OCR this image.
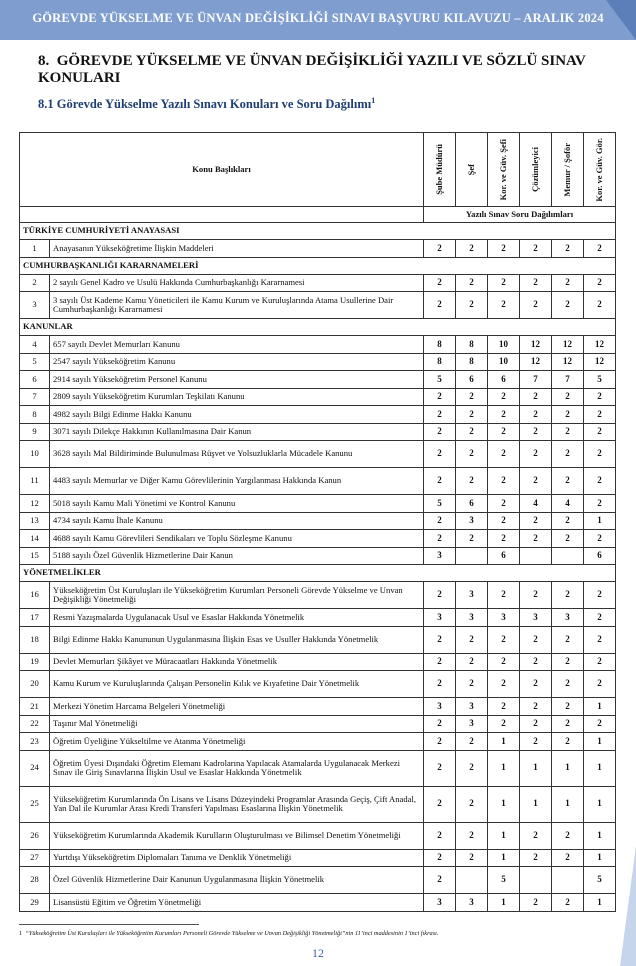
GÖREVDE YÜKSELME VE ÜNVAN DEĞİŞİKLİĞİ SINAVI BAŞVURU KILAVUZU – ARALIK 2024
8. GÖREVDE YÜKSELME VE ÜNVAN DEĞİŞİKLİĞİ YAZILI VE SÖZLÜ SINAV KONULARI
8.1 Görevde Yükselme Yazılı Sınavı Konuları ve Soru Dağılımı$^1$
Konu Başlıkları		Şube Müdürü	Şef	Kor. ve Güv. Şefi	Çözümleyici	Memur / Şoför	Kor. ve Güv. Gör.

		Yazılı Sınav Soru Dağılımları					
TÜRKİYE CUMHURİYETİ ANAYASASI							
1	Anayasanın Yükseköğretime İlişkin Maddeleri	2	2	2	2	2	2
CUMHURBAŞKANLIĞI KARARNAMELERİ							
2	2 sayılı Genel Kadro ve Usulü Hakkında Cumhurbaşkanlığı Kararnamesi	2	2	2	2	2	2
3	3 sayılı Üst Kademe Kamu Yöneticileri ile Kamu Kurum ve Kuruluşlarında Atama Usullerine Dair Cumhurbaşkanlığı Kararnamesi	2	2	2	2	2	2
KANUNLAR							
4	657 sayılı Devlet Memurları Kanunu	8	8	10	12	12	12
5	2547 sayılı Yükseköğretim Kanunu	8	8	10	12	12	12
6	2914 sayılı Yükseköğretim Personel Kanunu	5	6	6	7	7	5
7	2809 sayılı Yükseköğretim Kurumları Teşkilatı Kanunu	2	2	2	2	2	2
8	4982 sayılı Bilgi Edinme Hakkı Kanunu	2	2	2	2	2	2
9	3071 sayılı Dilekçe Hakkının Kullanılmasına Dair Kanun	2	2	2	2	2	2
10	3628 sayılı Mal Bildiriminde Bulunulması Rüşvet ve Yolsuzluklarla Mücadele Kanunu	2	2	2	2	2	2
11	4483 sayılı Memurlar ve Diğer Kamu Görevlilerinin Yargılanması Hakkında Kanun	2	2	2	2	2	2
12	5018 sayılı Kamu Mali Yönetimi ve Kontrol Kanunu	5	6	2	4	4	2
13	4734 sayılı Kamu İhale Kanunu	2	3	2	2	2	1
14	4688 sayılı Kamu Görevlileri Sendikaları ve Toplu Sözleşme Kanunu	2	2	2	2	2	2
15	5188 sayılı Özel Güvenlik Hizmetlerine Dair Kanun	3		6			6
YÖNETMELİKLER							
16	Yükseköğretim Üst Kuruluşları ile Yükseköğretim Kurumları Personeli Görevde Yükselme ve Unvan Değişikliği Yönetmeliği	2	3	2	2	2	2
17	Resmi Yazışmalarda Uygulanacak Usul ve Esaslar Hakkında Yönetmelik	3	3	3	3	3	2
18	Bilgi Edinme Hakkı Kanununun Uygulanmasına İlişkin Esas ve Usuller Hakkında Yönetmelik	2	2	2	2	2	2
19	Devlet Memurları Şikâyet ve Müracaatları Hakkında Yönetmelik	2	2	2	2	2	2
20	Kamu Kurum ve Kuruluşlarında Çalışan Personelin Kılık ve Kıyafetine Dair Yönetmelik	2	2	2	2	2	2
21	Merkezi Yönetim Harcama Belgeleri Yönetmeliği	3	3	2	2	2	1
22	Taşınır Mal Yönetmeliği	2	3	2	2	2	2
23	Öğretim Üyeliğine Yükseltilme ve Atanma Yönetmeliği	2	2	1	2	2	1
24	Öğretim Üyesi Dışındaki Öğretim Elemanı Kadrolarına Yapılacak Atamalarda Uygulanacak Merkezi Sınav ile Giriş Sınavlarına İlişkin Usul ve Esaslar Hakkında Yönetmelik	2	2	1	1	1	1
25	Yükseköğretim Kurumlarında Ön Lisans ve Lisans Düzeyindeki Programlar Arasında Geçiş, Çift Anadal, Yan Dal ile Kurumlar Arası Kredi Transferi Yapılması Esaslarına İlişkin Yönetmelik	2	2	1	1	1	1
26	Yükseköğretim Kurumlarında Akademik Kurulların Oluşturulması ve Bilimsel Denetim Yönetmeliği	2	2	1	2	2	1
27	Yurtdışı Yükseköğretim Diplomaları Tanıma ve Denklik Yönetmeliği	2	2	1	2	2	1
28	Özel Güvenlik Hizmetlerine Dair Kanunun Uygulanmasına İlişkin Yönetmelik	2		5			5
29	Lisansüstü Eğitim ve Öğretim Yönetmeliği	3	3	1	2	2	1
1 “Yükseköğretim Üst Kuruluşları ile Yükseköğretim Kurumları Personeli Görevde Yükselme ve Unvan Değişikliği Yönetmeliği”nin 11’inci maddesinin 1’inci fıkrası.
12
